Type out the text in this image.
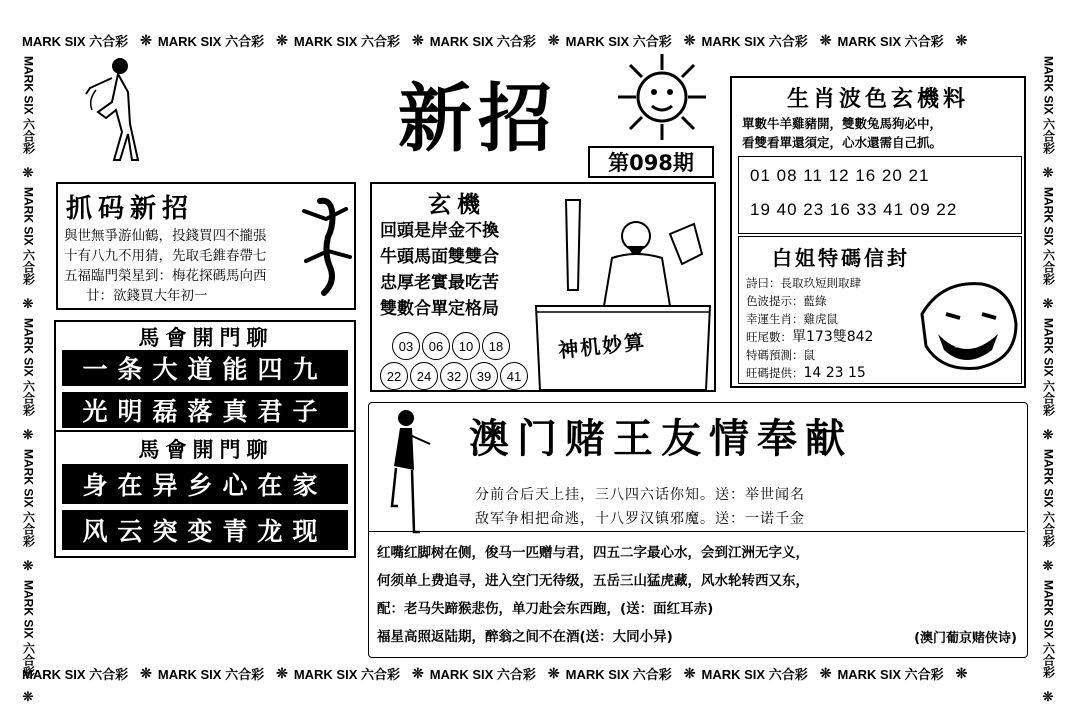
MARK SIX 六合彩 ❊ MARK SIX 六合彩 ❊ MARK SIX 六合彩 ❊ MARK SIX 六合彩 ❊ MARK SIX 六合彩 ❊ MARK SIX 六合彩 ❊ MARK SIX 六合彩 ❊
MARK SIX 六合彩 ❊ MARK SIX 六合彩 ❊ MARK SIX 六合彩 ❊ MARK SIX 六合彩 ❊ MARK SIX 六合彩 ❊ MARK SIX 六合彩 ❊ MARK SIX 六合彩 ❊
MARK SIX 六合彩
❊
MARK SIX 六合彩
❊
MARK SIX 六合彩
❊
MARK SIX 六合彩
❊
MARK SIX 六合彩
❊
MARK SIX 六合彩
❊
MARK SIX 六合彩
❊
MARK SIX 六合彩
❊
MARK SIX 六合彩
❊
MARK SIX 六合彩
❊
新招
第098期
抓码新招
與世無爭游仙鶴，投錢買四不攏張
十有八九不用猜，先取毛錐春帶七
五福臨門榮星到：梅花探碼馬向西
廿：欲錢買大年初一
馬會開門聊
一条大道能四九
光明磊落真君子
馬會開門聊
身在异乡心在家
风云突变青龙现
玄機
回頭是岸金不換
牛頭馬面雙雙合
忠厚老實最吃苦
雙數合單定格局
03	06	10	18
22	24	32	39	41
神机妙算
生肖波色玄機料
單數牛羊雞豬開，雙數兔馬狗必中，
看雙看單還須定，心水還需自己抓。
01 08 11 12 16 20 21
19 40 23 16 33 41 09 22
白姐特碼信封
詩曰：長取玖短則取肆
色波提示：藍綠
幸運生肖：雞虎鼠
旺尾數：單173雙842
特碼預測：鼠
旺碼提供：14 23 15
澳门赌王友情奉献
分前合后天上挂，三八四六话你知。送：举世闻名
敌军争相把命逃，十八罗汉镇邪魔。送：一诺千金
红嘴红脚树在侧，俊马一匹赠与君，四五二字最心水，会到江洲无字义，
何须单上费追寻，进入空门无待级，五岳三山猛虎藏，风水轮转西又东，
配：老马失蹄猴悲伤，单刀赴会东西跑，(送：面红耳赤)
福星高照返陆期，醉翁之间不在酒(送：大同小异)	(澳门葡京赌侠诗)
